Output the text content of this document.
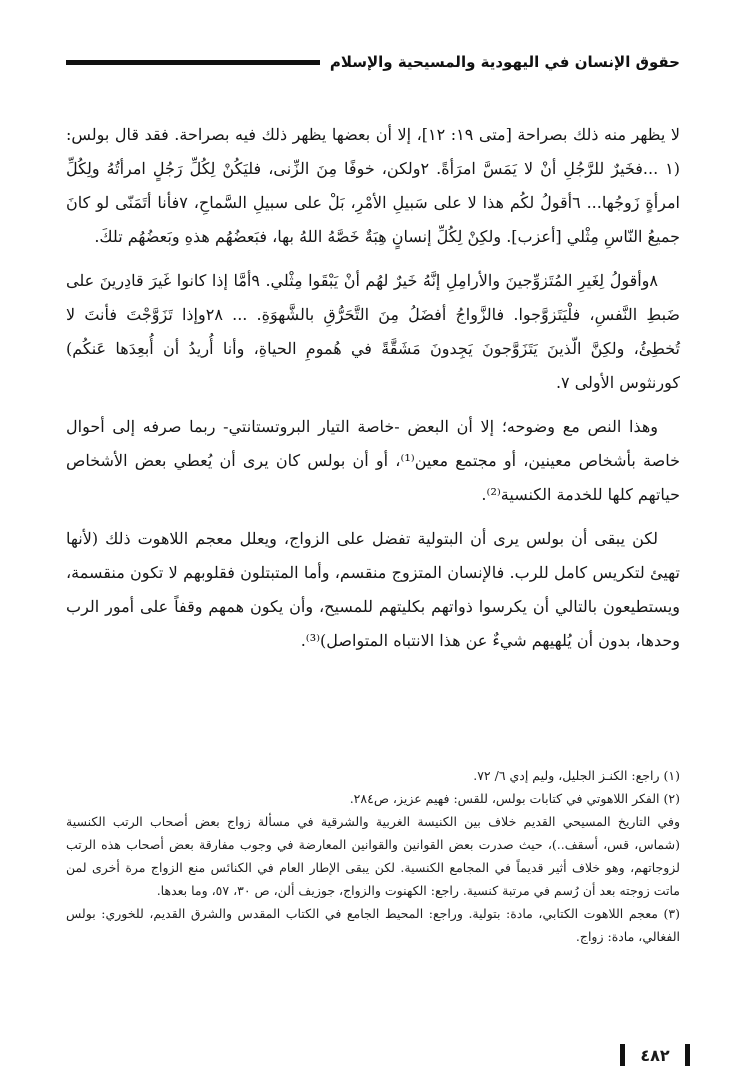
حقوق الإنسان في اليهودية والمسيحية والإسلام

لا يظهر منه ذلك بصراحة [متى ١٩: ١٢]، إلا أن بعضها يظهر ذلك فيه بصراحة. فقد قال بولس: (١ ...فخَيرٌ للرَّجُلِ أنْ لا يَمَسَّ امرَأةً. ٢ولكن، خوفًا مِنَ الزِّنى، فليَكُنْ لِكُلِّ رَجُلٍ امرأتُهُ ولِكُلِّ امرأةٍ زَوجُها... ٦أقولُ لكُم هذا لا على سَبيلِ الأمْرِ، بَلْ على سبيلِ السَّماحِ، ٧فأنا أتَمَنّى لو كانَ جميعُ النّاسِ مِثْلي [أعزب]. ولكِنْ لِكُلِّ إنسانٍ هِبَةٌ خَصَّهُ اللهُ بها، فبَعضُهُم هذهِ وبَعضُهُم تلكَ.

٨وأقولُ لِغَيرِ المُتَزوِّجينَ والأرامِلِ إنَّهُ خَيرٌ لهُم أنْ يَبْقَوا مِثْلي. ٩أمَّا إذا كانوا غَيرَ قادِرينَ على ضَبطِ النَّفسِ، فلْيَتَزوَّجوا. فالزَّواجُ أفضَلُ مِنَ التَّحَرُّقِ بالشَّهوَةِ. ... ٢٨وإذا تَزَوَّجْتَ فأنتَ لا تُخطِئُ، ولكِنَّ الّذينَ يَتَزَوَّجونَ يَجِدونَ مَشَقَّةً في هُمومِ الحياةِ، وأنا أُريدُ أن أُبعِدَها عَنكُم) كورنثوس الأولى ٧.

وهذا النص مع وضوحه؛ إلا أن البعض -خاصة التيار البروتستانتي- ربما صرفه إلى أحوال خاصة بأشخاص معينين، أو مجتمع معين⁽¹⁾، أو أن بولس كان يرى أن يُعطي بعض الأشخاص حياتهم كلها للخدمة الكنسية⁽²⁾.

لكن يبقى أن بولس يرى أن البتولية تفضل على الزواج، ويعلل معجم اللاهوت ذلك (لأنها تهيئ لتكريس كامل للرب. فالإنسان المتزوج منقسم، وأما المتبتلون فقلوبهم لا تكون منقسمة، ويستطيعون بالتالي أن يكرسوا ذواتهم بكليتهم للمسيح، وأن يكون همهم وقفاً على أمور الرب وحدها، بدون أن يُلهيهم شيءٌ عن هذا الانتباه المتواصل)⁽³⁾.

(١) راجع: الكنـز الجليل، وليم إدي ٦/ ٧٢.

(٢) الفكر اللاهوتي في كتابات بولس، للقس: فهيم عزيز، ص٢٨٤.

وفي التاريخ المسيحي القديم خلاف بين الكنيسة الغربية والشرقية في مسألة زواج بعض أصحاب الرتب الكنسية (شماس، قس، أسقف..)، حيث صدرت بعض القوانين والقوانين المعارضة في وجوب مفارقة بعض أصحاب هذه الرتب لزوجاتهم، وهو خلاف أثير قديماً في المجامع الكنسية. لكن يبقى الإطار العام في الكنائس منع الزواج مرة أخرى لمن ماتت زوجته بعد أن رُسم في مرتبة كنسية. راجع: الكهنوت والزواج، جوزيف ألن، ص ٣٠، ٥٧، وما بعدها.

(٣) معجم اللاهوت الكتابي، مادة: بتولية. وراجع: المحيط الجامع في الكتاب المقدس والشرق القديم، للخوري: بولس الفغالي، مادة: زواج.

٤٨٢
